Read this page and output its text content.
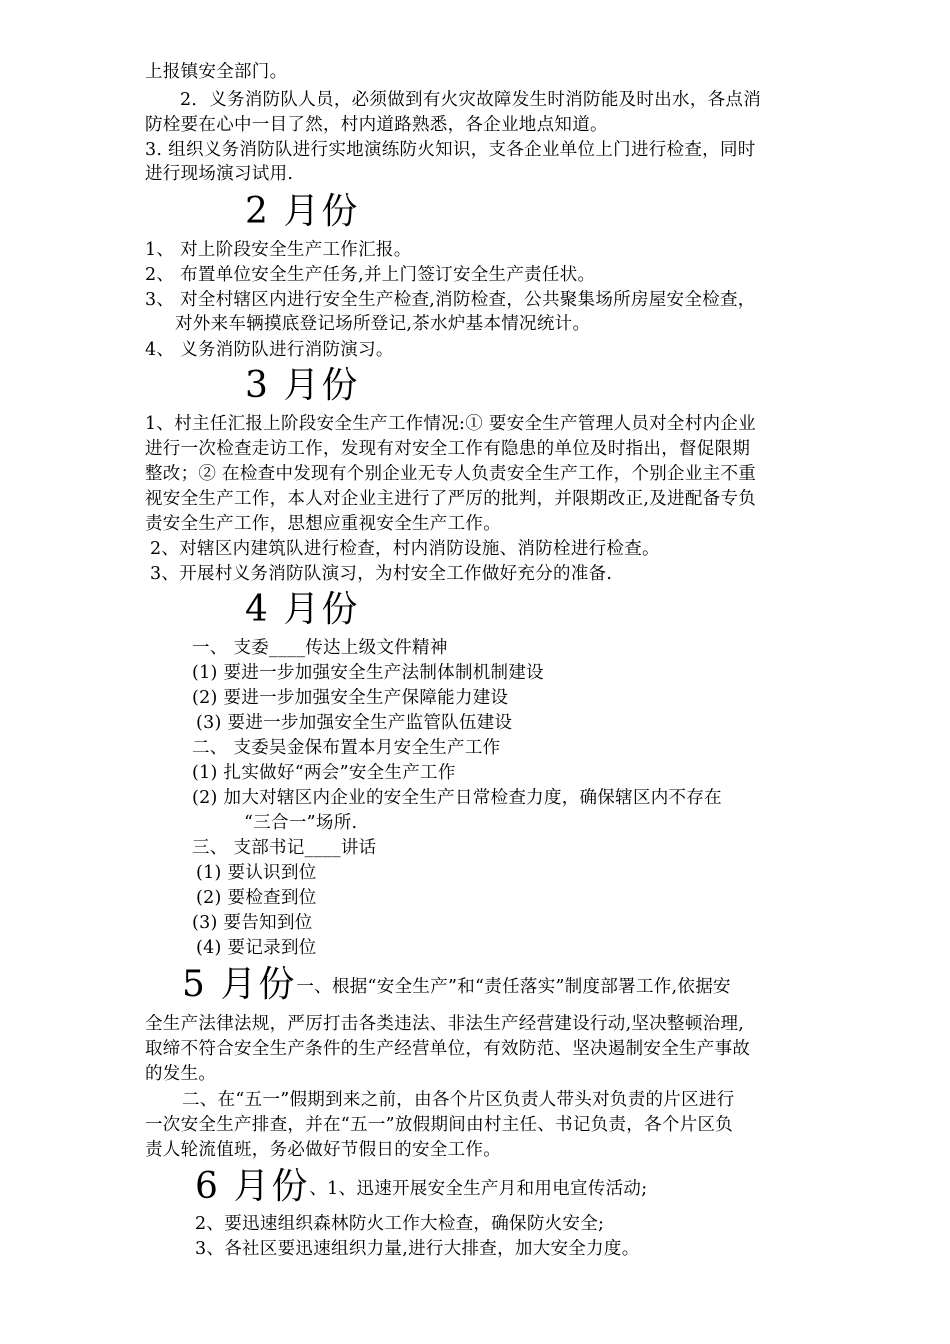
上报镇安全部门。
2．义务消防队人员，必须做到有火灾故障发生时消防能及时出水，各点消
防栓要在心中一目了然，村内道路熟悉，各企业地点知道。
3. 组织义务消防队进行实地演练防火知识，支各企业单位上门进行检查，同时
进行现场演习试用.
2 月份
1、 对上阶段安全生产工作汇报。
2、 布置单位安全生产任务,并上门签订安全生产责任状。
3、 对全村辖区内进行安全生产检查,消防检查，公共聚集场所房屋安全检查，
对外来车辆摸底登记场所登记,茶水炉基本情况统计。
4、 义务消防队进行消防演习。
3 月份
1、村主任汇报上阶段安全生产工作情况:① 要安全生产管理人员对全村内企业
进行一次检查走访工作，发现有对安全工作有隐患的单位及时指出，督促限期
整改；② 在检查中发现有个别企业无专人负责安全生产工作，个别企业主不重
视安全生产工作，本人对企业主进行了严厉的批判，并限期改正,及进配备专负
责安全生产工作，思想应重视安全生产工作。
2、对辖区内建筑队进行检查，村内消防设施、消防栓进行检查。
3、开展村义务消防队演习，为村安全工作做好充分的准备.
4 月份
一、 支委____传达上级文件精神
(1) 要进一步加强安全生产法制体制机制建设
(2) 要进一步加强安全生产保障能力建设
(3) 要进一步加强安全生产监管队伍建设
二、 支委吴金保布置本月安全生产工作
(1) 扎实做好“两会”安全生产工作
(2) 加大对辖区内企业的安全生产日常检查力度，确保辖区内不存在
“三合一”场所.
三、 支部书记____讲话
(1) 要认识到位
(2) 要检查到位
(3) 要告知到位
(4) 要记录到位
5 月份一、根据“安全生产”和“责任落实”制度部署工作,依据安
全生产法律法规，严厉打击各类违法、非法生产经营建设行动,坚决整顿治理,
取缔不符合安全生产条件的生产经营单位，有效防范、坚决遏制安全生产事故
的发生。
二、在“五一”假期到来之前，由各个片区负责人带头对负责的片区进行
一次安全生产排查，并在“五一”放假期间由村主任、书记负责，各个片区负
责人轮流值班，务必做好节假日的安全工作。
6 月份、1、迅速开展安全生产月和用电宣传活动;
2、要迅速组织森林防火工作大检查，确保防火安全;
3、各社区要迅速组织力量,进行大排查，加大安全力度。
